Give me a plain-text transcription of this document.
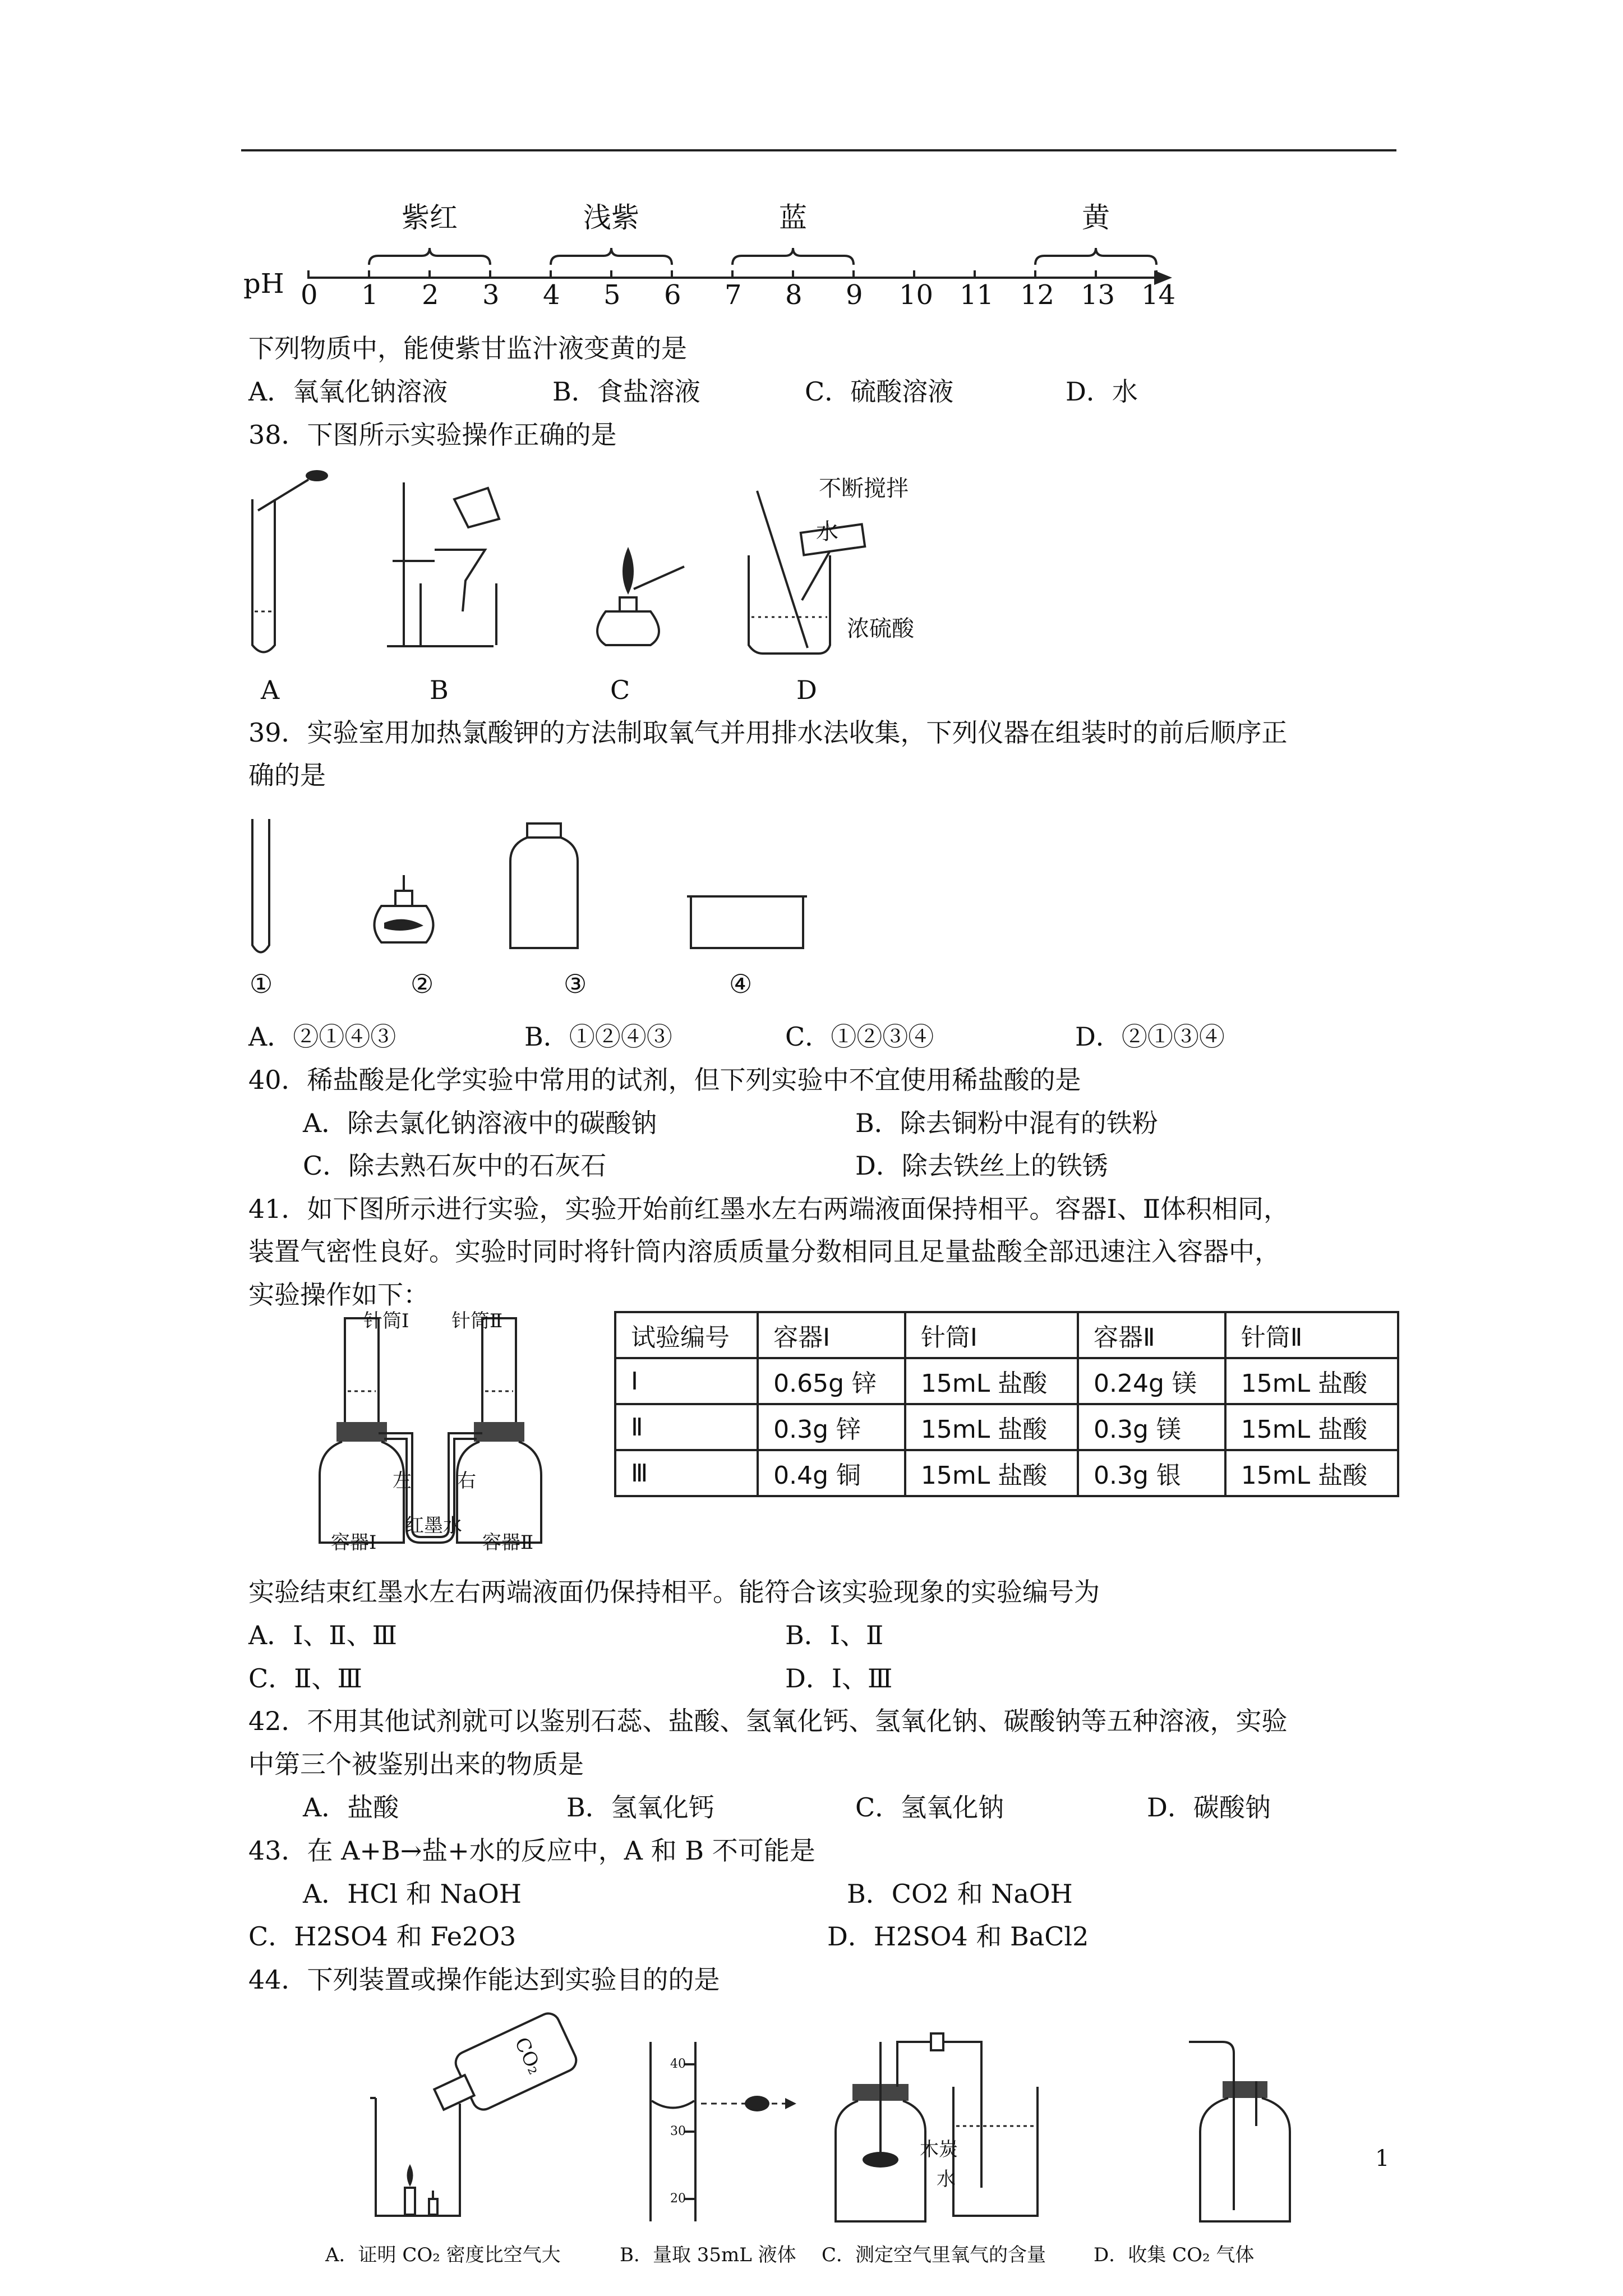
pH 0 1 2 3 4 5 6 7 8 9 10 11 12 13 14
紫红	浅紫	蓝	黄
下列物质中，能使紫甘监汁液变黄的是
A．氧氧化钠溶液	B．食盐溶液	C．硫酸溶液	D．水
38．下图所示实验操作正确的是
不断搅拌
水
浓硫酸
A	B	C	D
39．实验室用加热氯酸钾的方法制取氧气并用排水法收集，下列仪器在组装时的前后顺序正
确的是
①	②	③	④
A．②①④③	B．①②④③	C．①②③④	D．②①③④
40．稀盐酸是化学实验中常用的试剂，但下列实验中不宜使用稀盐酸的是
A．除去氯化钠溶液中的碳酸钠	B．除去铜粉中混有的铁粉
C．除去熟石灰中的石灰石	D．除去铁丝上的铁锈
41．如下图所示进行实验，实验开始前红墨水左右两端液面保持相平。容器Ⅰ、Ⅱ体积相同，
装置气密性良好。实验时同时将针筒内溶质质量分数相同且足量盐酸全部迅速注入容器中，
实验操作如下：
针筒Ⅰ 针筒Ⅱ
左 右
红墨水
容器Ⅰ	容器Ⅱ
试验编号	容器Ⅰ	针筒Ⅰ	容器Ⅱ	针筒Ⅱ
Ⅰ	0.65g 锌	15mL 盐酸	0.24g 镁	15mL 盐酸
Ⅱ	0.3g 锌	15mL 盐酸	0.3g 镁	15mL 盐酸
Ⅲ	0.4g 铜	15mL 盐酸	0.3g 银	15mL 盐酸
实验结束红墨水左右两端液面仍保持相平。能符合该实验现象的实验编号为
A．Ⅰ、Ⅱ、Ⅲ	B．Ⅰ、Ⅱ
C．Ⅱ、Ⅲ	D．Ⅰ、Ⅲ
42．不用其他试剂就可以鉴别石蕊、盐酸、氢氧化钙、氢氧化钠、碳酸钠等五种溶液，实验
中第三个被鉴别出来的物质是
A．盐酸	B．氢氧化钙	C．氢氧化钠	D．碳酸钠
43．在 A+B→盐+水的反应中，A 和 B 不可能是
A．HCl 和 NaOH	B．CO2 和 NaOH
C．H2SO4 和 Fe2O3	D．H2SO4 和 BaCl2
44．下列装置或操作能达到实验目的的是
CO₂	40
30
20
木炭
水
1
A．证明 CO₂ 密度比空气大	B．量取 35mL 液体 C．测定空气里氧气的含量 D．收集 CO₂ 气体
